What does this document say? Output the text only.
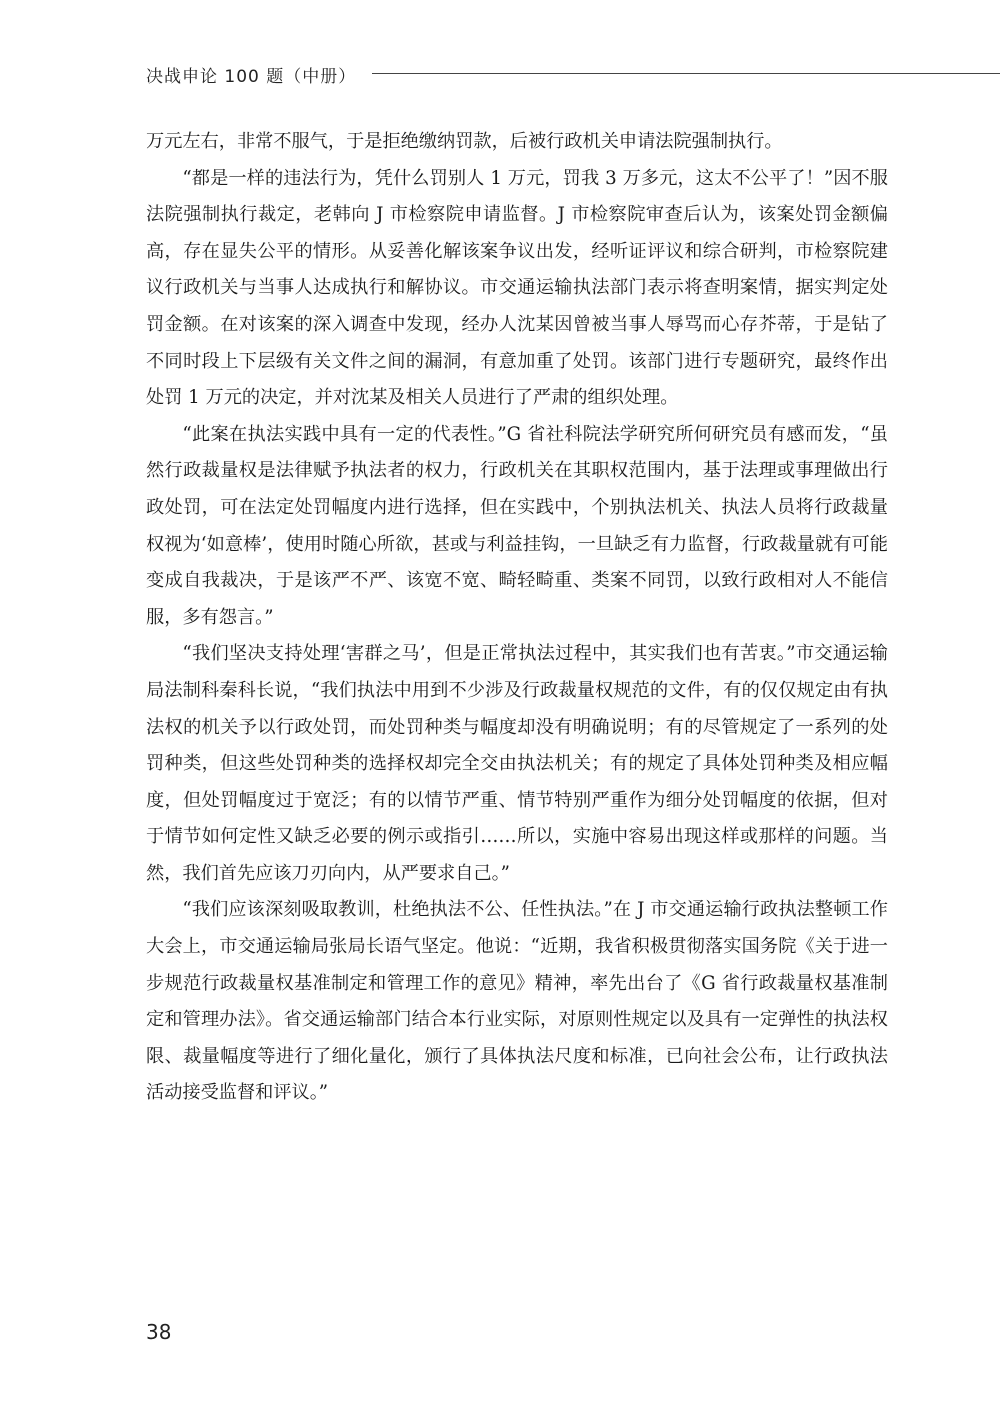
决战申论 100 题（中册）

万元左右，非常不服气，于是拒绝缴纳罚款，后被行政机关申请法院强制执行。

“都是一样的违法行为，凭什么罚别人 1 万元，罚我 3 万多元，这太不公平了！”因不服法院强制执行裁定，老韩向 J 市检察院申请监督。J 市检察院审查后认为，该案处罚金额偏高，存在显失公平的情形。从妥善化解该案争议出发，经听证评议和综合研判，市检察院建议行政机关与当事人达成执行和解协议。市交通运输执法部门表示将查明案情，据实判定处罚金额。在对该案的深入调查中发现，经办人沈某因曾被当事人辱骂而心存芥蒂，于是钻了不同时段上下层级有关文件之间的漏洞，有意加重了处罚。该部门进行专题研究，最终作出处罚 1 万元的决定，并对沈某及相关人员进行了严肃的组织处理。

“此案在执法实践中具有一定的代表性。”G 省社科院法学研究所何研究员有感而发，“虽然行政裁量权是法律赋予执法者的权力，行政机关在其职权范围内，基于法理或事理做出行政处罚，可在法定处罚幅度内进行选择，但在实践中，个别执法机关、执法人员将行政裁量权视为‘如意棒’，使用时随心所欲，甚或与利益挂钩，一旦缺乏有力监督，行政裁量就有可能变成自我裁决，于是该严不严、该宽不宽、畸轻畸重、类案不同罚，以致行政相对人不能信服，多有怨言。”

“我们坚决支持处理‘害群之马’，但是正常执法过程中，其实我们也有苦衷。”市交通运输局法制科秦科长说，“我们执法中用到不少涉及行政裁量权规范的文件，有的仅仅规定由有执法权的机关予以行政处罚，而处罚种类与幅度却没有明确说明；有的尽管规定了一系列的处罚种类，但这些处罚种类的选择权却完全交由执法机关；有的规定了具体处罚种类及相应幅度，但处罚幅度过于宽泛；有的以情节严重、情节特别严重作为细分处罚幅度的依据，但对于情节如何定性又缺乏必要的例示或指引……所以，实施中容易出现这样或那样的问题。当然，我们首先应该刀刃向内，从严要求自己。”

“我们应该深刻吸取教训，杜绝执法不公、任性执法。”在 J 市交通运输行政执法整顿工作大会上，市交通运输局张局长语气坚定。他说：“近期，我省积极贯彻落实国务院《关于进一步规范行政裁量权基准制定和管理工作的意见》精神，率先出台了《G 省行政裁量权基准制定和管理办法》。省交通运输部门结合本行业实际，对原则性规定以及具有一定弹性的执法权限、裁量幅度等进行了细化量化，颁行了具体执法尺度和标准，已向社会公布，让行政执法活动接受监督和评议。”

38
